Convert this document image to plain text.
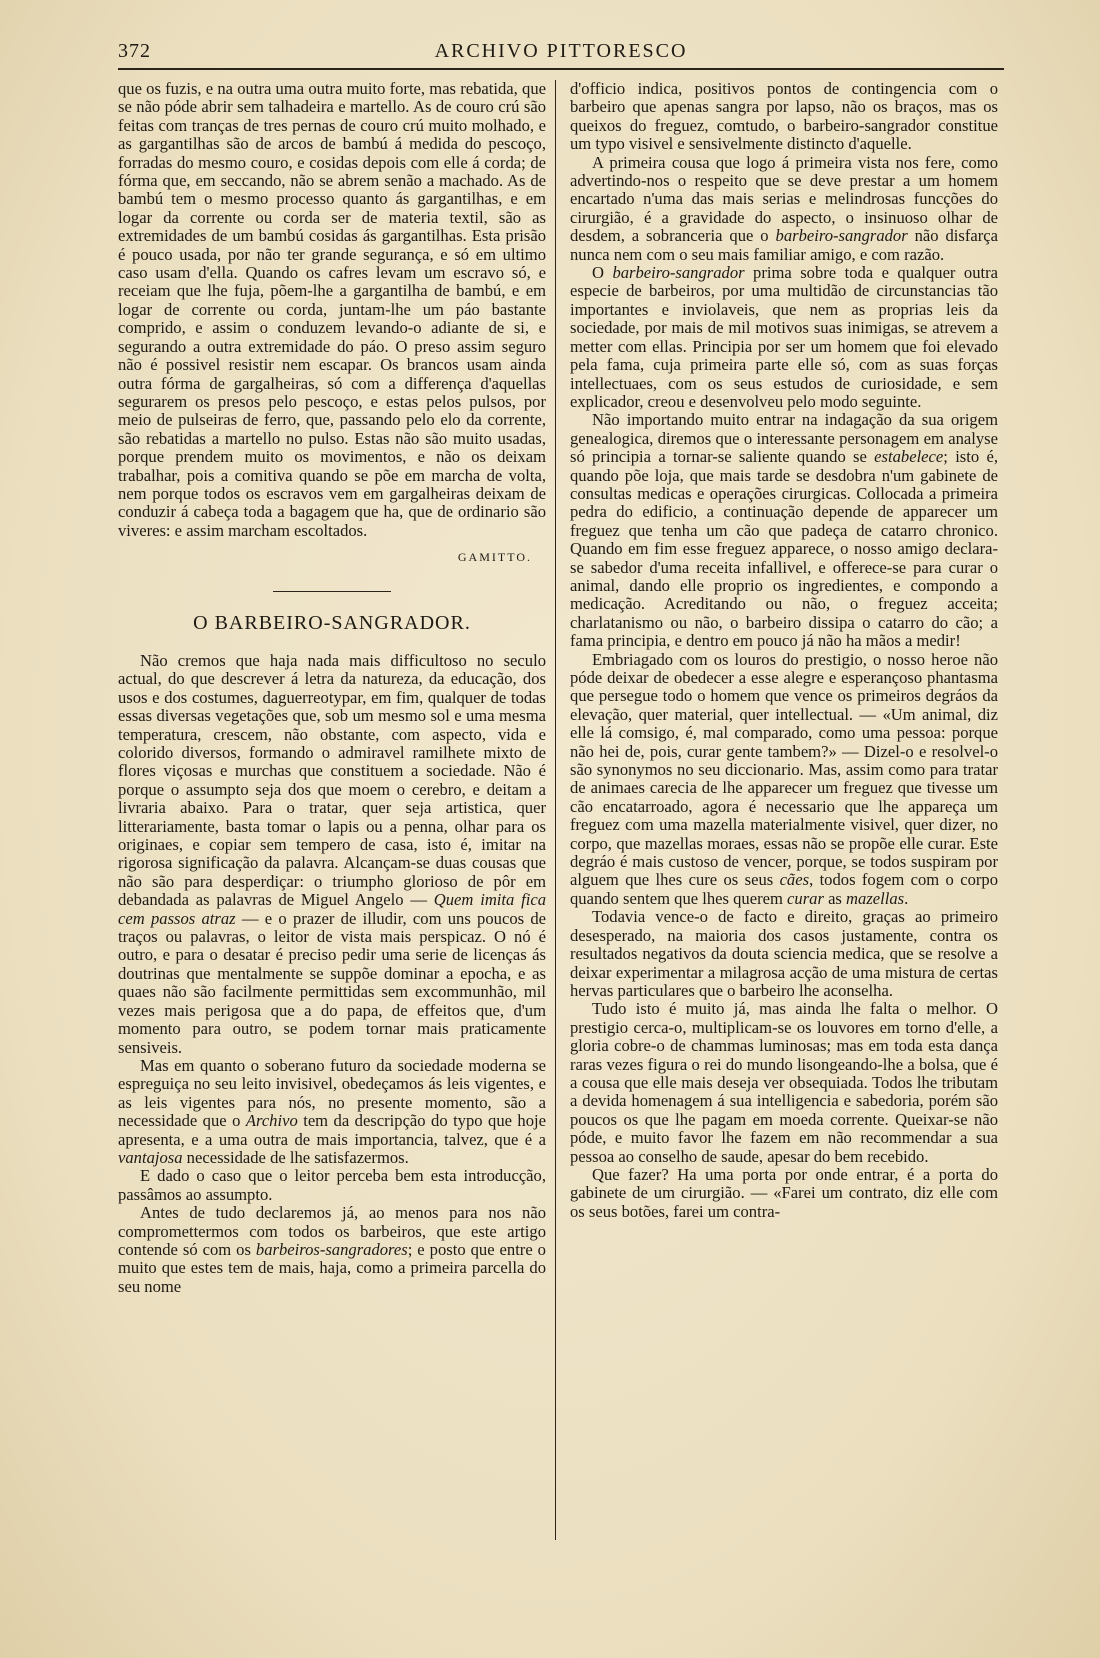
372	ARCHIVO PITTORESCO

que os fuzis, e na outra uma outra muito forte, mas rebatida, que se não póde abrir sem talhadeira e martello. As de couro crú são feitas com tranças de tres pernas de couro crú muito molhado, e as gargantilhas são de arcos de bambú á medida do pescoço, forradas do mesmo couro, e cosidas depois com elle á corda; de fórma que, em seccando, não se abrem senão a machado. As de bambú tem o mesmo processo quanto ás gargantilhas, e em logar da corrente ou corda ser de materia textil, são as extremidades de um bambú cosidas ás gargantilhas. Esta prisão é pouco usada, por não ter grande segurança, e só em ultimo caso usam d'ella. Quando os cafres levam um escravo só, e receiam que lhe fuja, põem-lhe a gargantilha de bambú, e em logar de corrente ou corda, juntam-lhe um páo bastante comprido, e assim o conduzem levando-o adiante de si, e segurando a outra extremidade do páo. O preso assim seguro não é possivel resistir nem escapar. Os brancos usam ainda outra fórma de gargalheiras, só com a differença d'aquellas segurarem os presos pelo pescoço, e estas pelos pulsos, por meio de pulseiras de ferro, que, passando pelo elo da corrente, são rebatidas a martello no pulso. Estas não são muito usadas, porque prendem muito os movimentos, e não os deixam trabalhar, pois a comitiva quando se põe em marcha de volta, nem porque todos os escravos vem em gargalheiras deixam de conduzir á cabeça toda a bagagem que ha, que de ordinario são viveres: e assim marcham escoltados.

GAMITTO.
O BARBEIRO-SANGRADOR.

Não cremos que haja nada mais difficultoso no seculo actual, do que descrever á letra da natureza, da educação, dos usos e dos costumes, daguerreotypar, em fim, qualquer de todas essas diversas vegetações que, sob um mesmo sol e uma mesma temperatura, crescem, não obstante, com aspecto, vida e colorido diversos, formando o admiravel ramilhete mixto de flores viçosas e murchas que constituem a sociedade. Não é porque o assumpto seja dos que moem o cerebro, e deitam a livraria abaixo. Para o tratar, quer seja artistica, quer litterariamente, basta tomar o lapis ou a penna, olhar para os originaes, e copiar sem tempero de casa, isto é, imitar na rigorosa significação da palavra. Alcançam-se duas cousas que não são para desperdiçar: o triumpho glorioso de pôr em debandada as palavras de Miguel Angelo — Quem imita fica cem passos atraz — e o prazer de illudir, com uns poucos de traços ou palavras, o leitor de vista mais perspicaz. O nó é outro, e para o desatar é preciso pedir uma serie de licenças ás doutrinas que mentalmente se suppõe dominar a epocha, e as quaes não são facilmente permittidas sem excommunhão, mil vezes mais perigosa que a do papa, de effeitos que, d'um momento para outro, se podem tornar mais praticamente sensiveis.

Mas em quanto o soberano futuro da sociedade moderna se espreguiça no seu leito invisivel, obedeçamos ás leis vigentes, e as leis vigentes para nós, no presente momento, são a necessidade que o Archivo tem da descripção do typo que hoje apresenta, e a uma outra de mais importancia, talvez, que é a vantajosa necessidade de lhe satisfazermos.

E dado o caso que o leitor perceba bem esta introducção, passâmos ao assumpto.

Antes de tudo declaremos já, ao menos para nos não compromettermos com todos os barbeiros, que este artigo contende só com os barbeiros-sangradores; e posto que entre o muito que estes tem de mais, haja, como a primeira parcella do seu nome

d'officio indica, positivos pontos de contingencia com o barbeiro que apenas sangra por lapso, não os braços, mas os queixos do freguez, comtudo, o barbeiro-sangrador constitue um typo visivel e sensivelmente distincto d'aquelle.

A primeira cousa que logo á primeira vista nos fere, como advertindo-nos o respeito que se deve prestar a um homem encartado n'uma das mais serias e melindrosas funcções do cirurgião, é a gravidade do aspecto, o insinuoso olhar de desdem, a sobranceria que o barbeiro-sangrador não disfarça nunca nem com o seu mais familiar amigo, e com razão.

O barbeiro-sangrador prima sobre toda e qualquer outra especie de barbeiros, por uma multidão de circunstancias tão importantes e inviolaveis, que nem as proprias leis da sociedade, por mais de mil motivos suas inimigas, se atrevem a metter com ellas. Principia por ser um homem que foi elevado pela fama, cuja primeira parte elle só, com as suas forças intellectuaes, com os seus estudos de curiosidade, e sem explicador, creou e desenvolveu pelo modo seguinte.

Não importando muito entrar na indagação da sua origem genealogica, diremos que o interessante personagem em analyse só principia a tornar-se saliente quando se estabelece; isto é, quando põe loja, que mais tarde se desdobra n'um gabinete de consultas medicas e operações cirurgicas. Collocada a primeira pedra do edificio, a continuação depende de apparecer um freguez que tenha um cão que padeça de catarro chronico. Quando em fim esse freguez apparece, o nosso amigo declara-se sabedor d'uma receita infallivel, e offerece-se para curar o animal, dando elle proprio os ingredientes, e compondo a medicação. Acreditando ou não, o freguez acceita; charlatanismo ou não, o barbeiro dissipa o catarro do cão; a fama principia, e dentro em pouco já não ha mãos a medir!

Embriagado com os louros do prestigio, o nosso heroe não póde deixar de obedecer a esse alegre e esperançoso phantasma que persegue todo o homem que vence os primeiros degráos da elevação, quer material, quer intellectual. — «Um animal, diz elle lá comsigo, é, mal comparado, como uma pessoa: porque não hei de, pois, curar gente tambem?» — Dizel-o e resolvel-o são synonymos no seu diccionario. Mas, assim como para tratar de animaes carecia de lhe apparecer um freguez que tivesse um cão encatarroado, agora é necessario que lhe appareça um freguez com uma mazella materialmente visivel, quer dizer, no corpo, que mazellas moraes, essas não se propõe elle curar. Este degráo é mais custoso de vencer, porque, se todos suspiram por alguem que lhes cure os seus cães, todos fogem com o corpo quando sentem que lhes querem curar as mazellas.

Todavia vence-o de facto e direito, graças ao primeiro desesperado, na maioria dos casos justamente, contra os resultados negativos da douta sciencia medica, que se resolve a deixar experimentar a milagrosa acção de uma mistura de certas hervas particulares que o barbeiro lhe aconselha.

Tudo isto é muito já, mas ainda lhe falta o melhor. O prestigio cerca-o, multiplicam-se os louvores em torno d'elle, a gloria cobre-o de chammas luminosas; mas em toda esta dança raras vezes figura o rei do mundo lisongeando-lhe a bolsa, que é a cousa que elle mais deseja ver obsequiada. Todos lhe tributam a devida homenagem á sua intelligencia e sabedoria, porém são poucos os que lhe pagam em moeda corrente. Queixar-se não póde, e muito favor lhe fazem em não recommendar a sua pessoa ao conselho de saude, apesar do bem recebido.

Que fazer? Ha uma porta por onde entrar, é a porta do gabinete de um cirurgião. — «Farei um contrato, diz elle com os seus botões, farei um contra-
